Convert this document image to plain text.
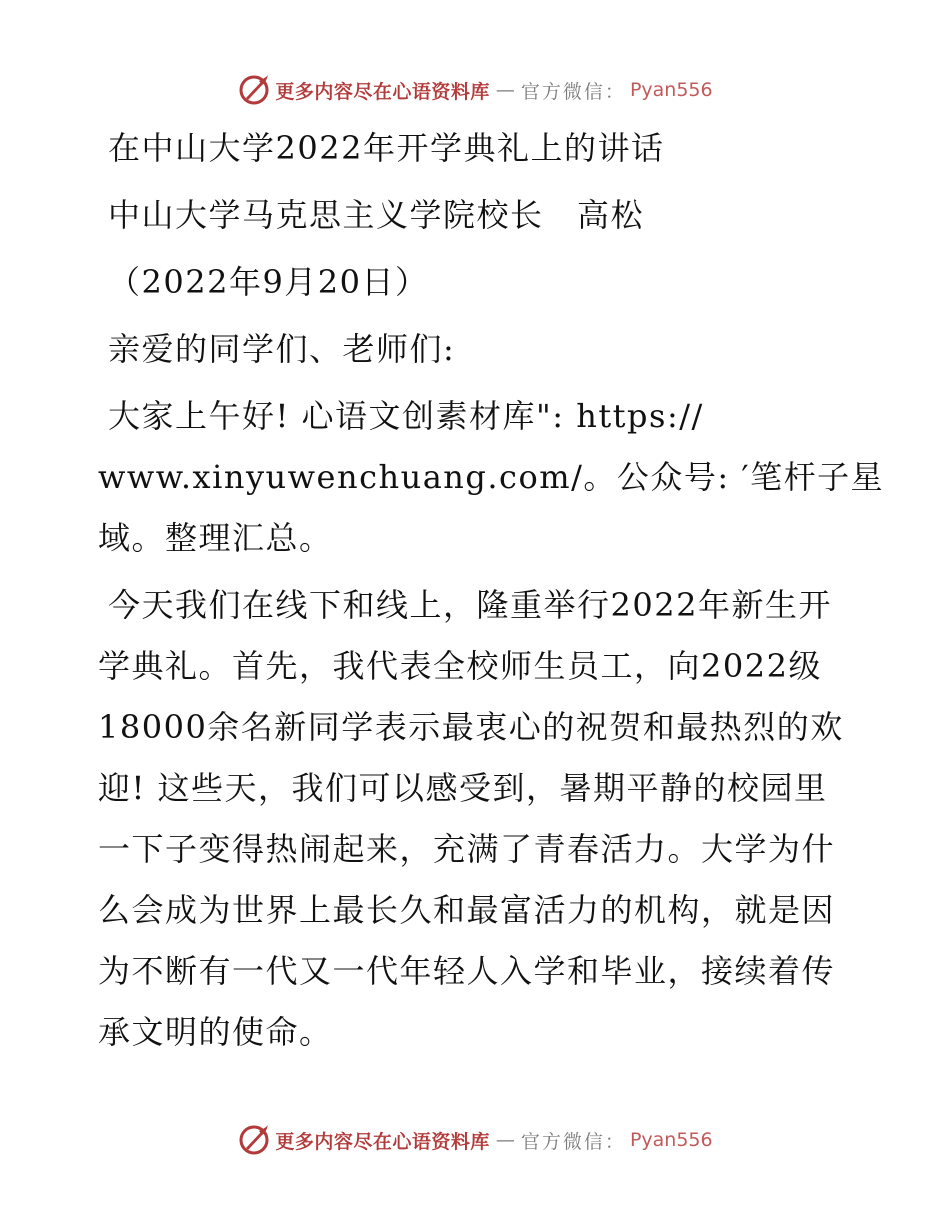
更多内容尽在心语资料库 — 官方微信： Pyan556
在中山大学2022年开学典礼上的讲话
中山大学马克思主义学院校长　高松
（2022年9月20日）
亲爱的同学们、老师们:
大家上午好! 心语文创素材库": https://
www.xinyuwenchuang.com/。公众号: ′笔杆子星
域。整理汇总。
今天我们在线下和线上，隆重举行2022年新生开
学典礼。首先，我代表全校师生员工，向2022级
18000余名新同学表示最衷心的祝贺和最热烈的欢
迎! 这些天，我们可以感受到，暑期平静的校园里
一下子变得热闹起来，充满了青春活力。大学为什
么会成为世界上最长久和最富活力的机构，就是因
为不断有一代又一代年轻人入学和毕业，接续着传
承文明的使命。
更多内容尽在心语资料库 — 官方微信： Pyan556
